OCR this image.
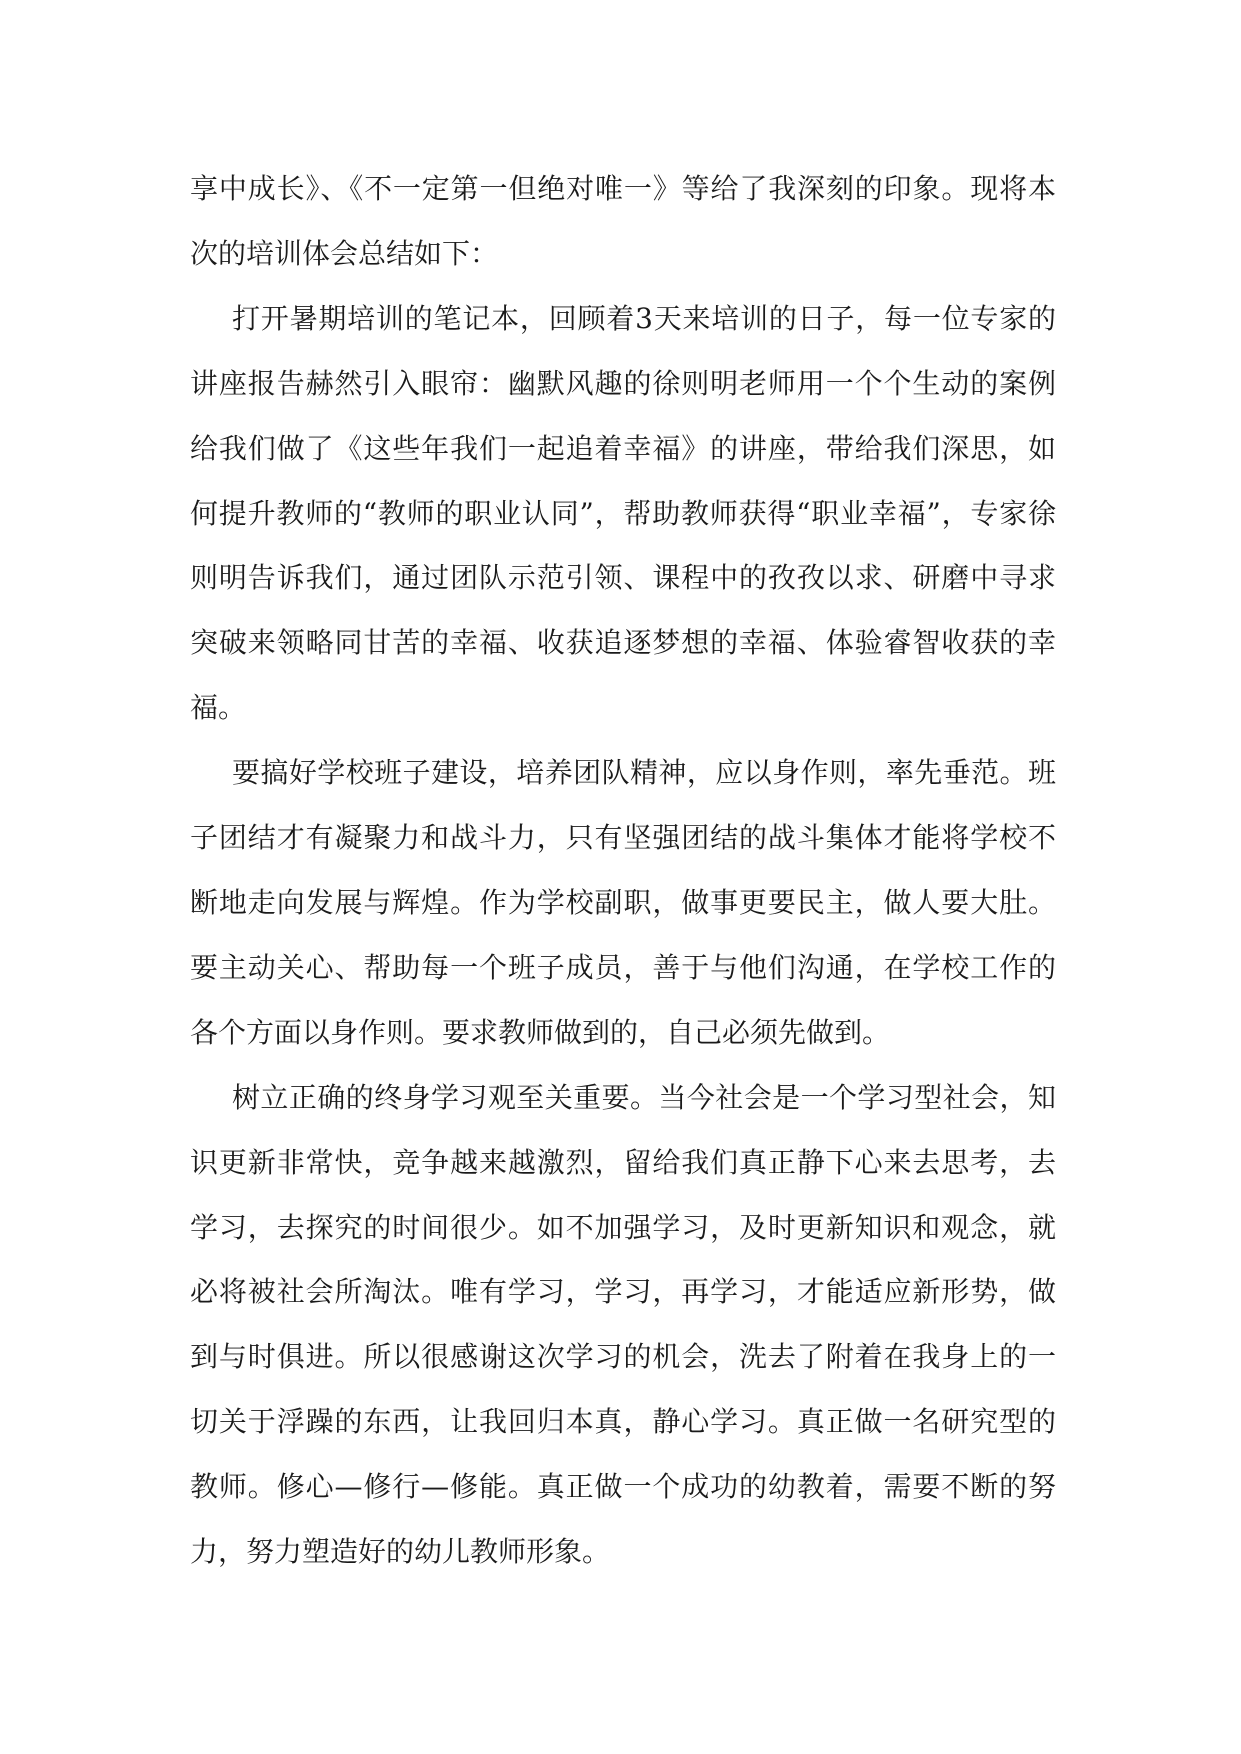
享中成长》、《不一定第一但绝对唯一》等给了我深刻的印象。现将本次的培训体会总结如下：

打开暑期培训的笔记本，回顾着3天来培训的日子，每一位专家的讲座报告赫然引入眼帘：幽默风趣的徐则明老师用一个个生动的案例给我们做了《这些年我们一起追着幸福》的讲座，带给我们深思，如何提升教师的“教师的职业认同”，帮助教师获得“职业幸福”，专家徐则明告诉我们，通过团队示范引领、课程中的孜孜以求、研磨中寻求突破来领略同甘苦的幸福、收获追逐梦想的幸福、体验睿智收获的幸福。

要搞好学校班子建设，培养团队精神，应以身作则，率先垂范。班子团结才有凝聚力和战斗力，只有坚强团结的战斗集体才能将学校不断地走向发展与辉煌。作为学校副职，做事更要民主，做人要大肚。要主动关心、帮助每一个班子成员，善于与他们沟通，在学校工作的各个方面以身作则。要求教师做到的，自己必须先做到。

树立正确的终身学习观至关重要。当今社会是一个学习型社会，知识更新非常快，竞争越来越激烈，留给我们真正静下心来去思考，去学习，去探究的时间很少。如不加强学习，及时更新知识和观念，就必将被社会所淘汰。唯有学习，学习，再学习，才能适应新形势，做到与时俱进。所以很感谢这次学习的机会，洗去了附着在我身上的一切关于浮躁的东西，让我回归本真，静心学习。真正做一名研究型的教师。修心—修行—修能。真正做一个成功的幼教着，需要不断的努力，努力塑造好的幼儿教师形象。
